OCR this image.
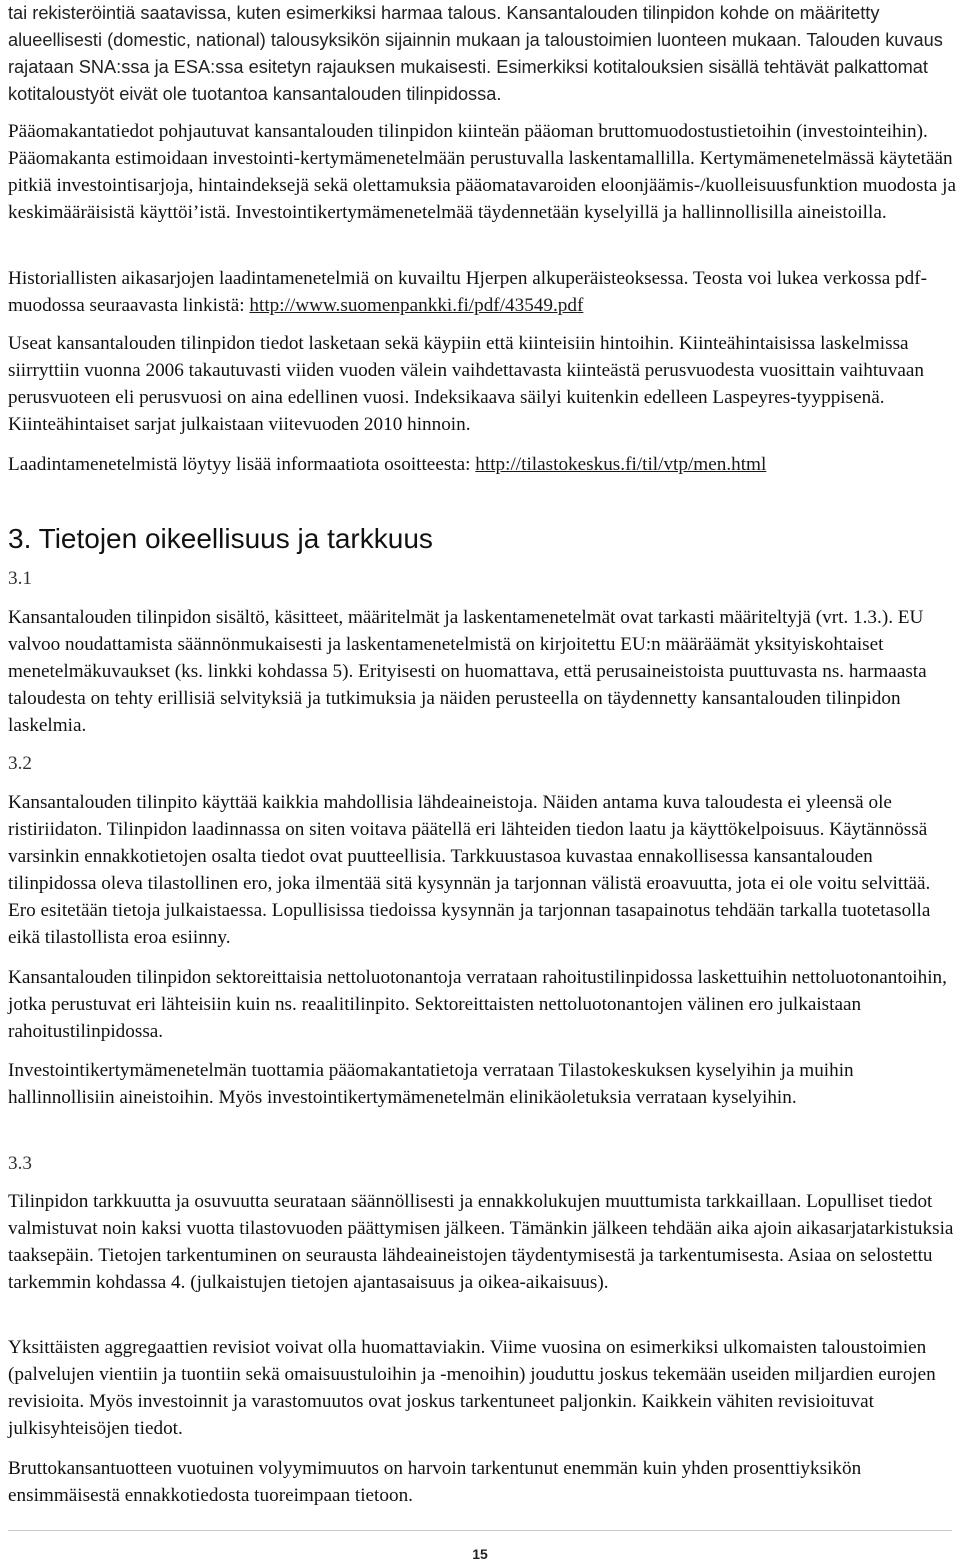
tai rekisteröintiä saatavissa, kuten esimerkiksi harmaa talous. Kansantalouden tilinpidon kohde on määritetty alueellisesti (domestic, national) talousyksikön sijainnin mukaan ja taloustoimien luonteen mukaan. Talouden kuvaus rajataan SNA:ssa ja ESA:ssa esitetyn rajauksen mukaisesti. Esimerkiksi kotitalouksien sisällä tehtävät palkattomat kotitaloustyöt eivät ole tuotantoa kansantalouden tilinpidossa.

Pääomakantatiedot pohjautuvat kansantalouden tilinpidon kiinteän pääoman bruttomuodostustietoihin (investointeihin). Pääomakanta estimoidaan investointi-kertymämenetelmään perustuvalla laskentamallilla. Kertymämenetelmässä käytetään pitkiä investointisarjoja, hintaindeksejä sekä olettamuksia pääomatavaroiden eloonjäämis-/kuolleisuusfunktion muodosta ja keskimääräisistä käyttöi’istä. Investointikertymämenetelmää täydennetään kyselyillä ja hallinnollisilla aineistoilla.

Historiallisten aikasarjojen laadintamenetelmiä on kuvailtu Hjerpen alkuperäisteoksessa. Teosta voi lukea verkossa pdf-muodossa seuraavasta linkistä: http://www.suomenpankki.fi/pdf/43549.pdf

Useat kansantalouden tilinpidon tiedot lasketaan sekä käypiin että kiinteisiin hintoihin. Kiinteähintaisissa laskelmissa siirryttiin vuonna 2006 takautuvasti viiden vuoden välein vaihdettavasta kiinteästä perusvuodesta vuosittain vaihtuvaan perusvuoteen eli perusvuosi on aina edellinen vuosi. Indeksikaava säilyi kuitenkin edelleen Laspeyres-tyyppisenä. Kiinteähintaiset sarjat julkaistaan viitevuoden 2010 hinnoin.

Laadintamenetelmistä löytyy lisää informaatiota osoitteesta: http://tilastokeskus.fi/til/vtp/men.html

3. Tietojen oikeellisuus ja tarkkuus

3.1

Kansantalouden tilinpidon sisältö, käsitteet, määritelmät ja laskentamenetelmät ovat tarkasti määriteltyjä (vrt. 1.3.). EU valvoo noudattamista säännönmukaisesti ja laskentamenetelmistä on kirjoitettu EU:n määräämät yksityiskohtaiset menetelmäkuvaukset (ks. linkki kohdassa 5). Erityisesti on huomattava, että perusaineistoista puuttuvasta ns. harmaasta taloudesta on tehty erillisiä selvityksiä ja tutkimuksia ja näiden perusteella on täydennetty kansantalouden tilinpidon laskelmia.

3.2

Kansantalouden tilinpito käyttää kaikkia mahdollisia lähdeaineistoja. Näiden antama kuva taloudesta ei yleensä ole ristiriidaton. Tilinpidon laadinnassa on siten voitava päätellä eri lähteiden tiedon laatu ja käyttökelpoisuus. Käytännössä varsinkin ennakkotietojen osalta tiedot ovat puutteellisia. Tarkkuustasoa kuvastaa ennakollisessa kansantalouden tilinpidossa oleva tilastollinen ero, joka ilmentää sitä kysynnän ja tarjonnan välistä eroavuutta, jota ei ole voitu selvittää. Ero esitetään tietoja julkaistaessa. Lopullisissa tiedoissa kysynnän ja tarjonnan tasapainotus tehdään tarkalla tuotetasolla eikä tilastollista eroa esiinny.

Kansantalouden tilinpidon sektoreittaisia nettoluotonantoja verrataan rahoitustilinpidossa laskettuihin nettoluotonantoihin, jotka perustuvat eri lähteisiin kuin ns. reaalitilinpito. Sektoreittaisten nettoluotonantojen välinen ero julkaistaan rahoitustilinpidossa.

Investointikertymämenetelmän tuottamia pääomakantatietoja verrataan Tilastokeskuksen kyselyihin ja muihin hallinnollisiin aineistoihin. Myös investointikertymämenetelmän elinikäoletuksia verrataan kyselyihin.

3.3

Tilinpidon tarkkuutta ja osuvuutta seurataan säännöllisesti ja ennakkolukujen muuttumista tarkkaillaan. Lopulliset tiedot valmistuvat noin kaksi vuotta tilastovuoden päättymisen jälkeen. Tämänkin jälkeen tehdään aika ajoin aikasarjatarkistuksia taaksepäin. Tietojen tarkentuminen on seurausta lähdeaineistojen täydentymisestä ja tarkentumisesta. Asiaa on selostettu tarkemmin kohdassa 4. (julkaistujen tietojen ajantasaisuus ja oikea-aikaisuus).

Yksittäisten aggregaattien revisiot voivat olla huomattaviakin. Viime vuosina on esimerkiksi ulkomaisten taloustoimien (palvelujen vientiin ja tuontiin sekä omaisuustuloihin ja -menoihin) jouduttu joskus tekemään useiden miljardien eurojen revisioita. Myös investoinnit ja varastomuutos ovat joskus tarkentuneet paljonkin. Kaikkein vähiten revisioituvat julkisyhteisöjen tiedot.

Bruttokansantuotteen vuotuinen volyymimuutos on harvoin tarkentunut enemmän kuin yhden prosenttiyksikön ensimmäisestä ennakkotiedosta tuoreimpaan tietoon.

15
